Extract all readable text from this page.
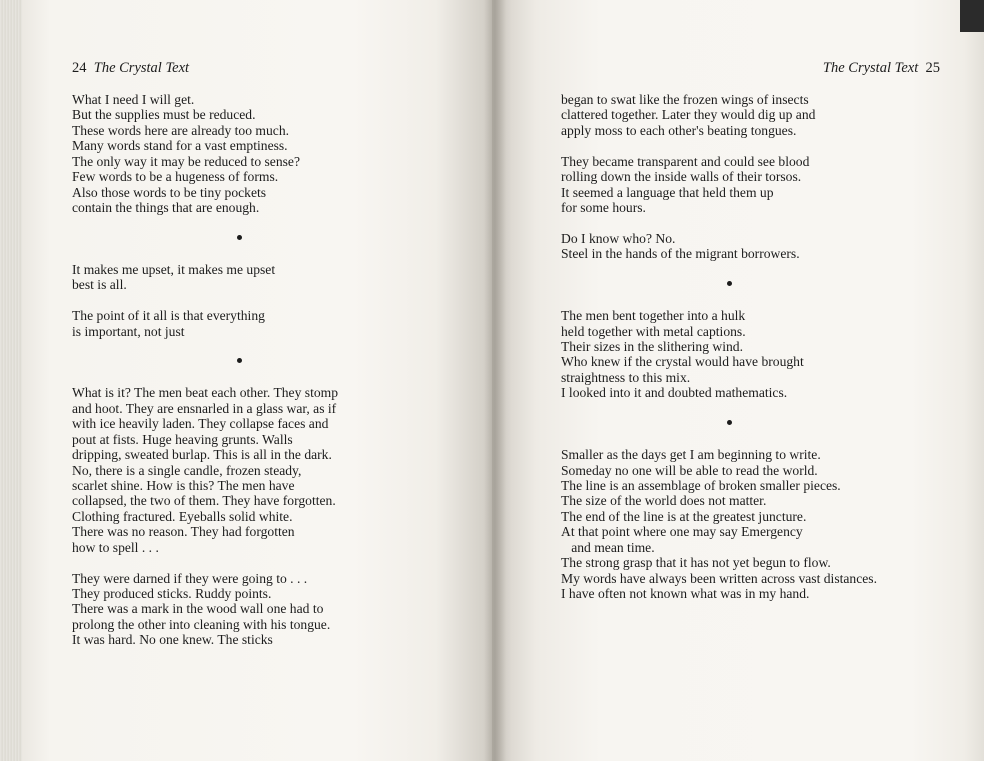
24 The Crystal Text	The Crystal Text 25
What I need I will get.
But the supplies must be reduced.
These words here are already too much.
Many words stand for a vast emptiness.
The only way it may be reduced to sense?
Few words to be a hugeness of forms.
Also those words to be tiny pockets
contain the things that are enough.
It makes me upset, it makes me upset
best is all.
The point of it all is that everything
is important, not just
What is it? The men beat each other. They stomp
and hoot. They are ensnarled in a glass war, as if
with ice heavily laden. They collapse faces and
pout at fists. Huge heaving grunts. Walls
dripping, sweated burlap. This is all in the dark.
No, there is a single candle, frozen steady,
scarlet shine. How is this? The men have
collapsed, the two of them. They have forgotten.
Clothing fractured. Eyeballs solid white.
There was no reason. They had forgotten
how to spell . . .
They were darned if they were going to . . .
They produced sticks. Ruddy points.
There was a mark in the wood wall one had to
prolong the other into cleaning with his tongue.
It was hard. No one knew. The sticks
began to swat like the frozen wings of insects
clattered together. Later they would dig up and
apply moss to each other's beating tongues.
They became transparent and could see blood
rolling down the inside walls of their torsos.
It seemed a language that held them up
for some hours.
Do I know who? No.
Steel in the hands of the migrant borrowers.
The men bent together into a hulk
held together with metal captions.
Their sizes in the slithering wind.
Who knew if the crystal would have brought
straightness to this mix.
I looked into it and doubted mathematics.
Smaller as the days get I am beginning to write.
Someday no one will be able to read the world.
The line is an assemblage of broken smaller pieces.
The size of the world does not matter.
The end of the line is at the greatest juncture.
At that point where one may say Emergency
and mean time.
The strong grasp that it has not yet begun to flow.
My words have always been written across vast distances.
I have often not known what was in my hand.
